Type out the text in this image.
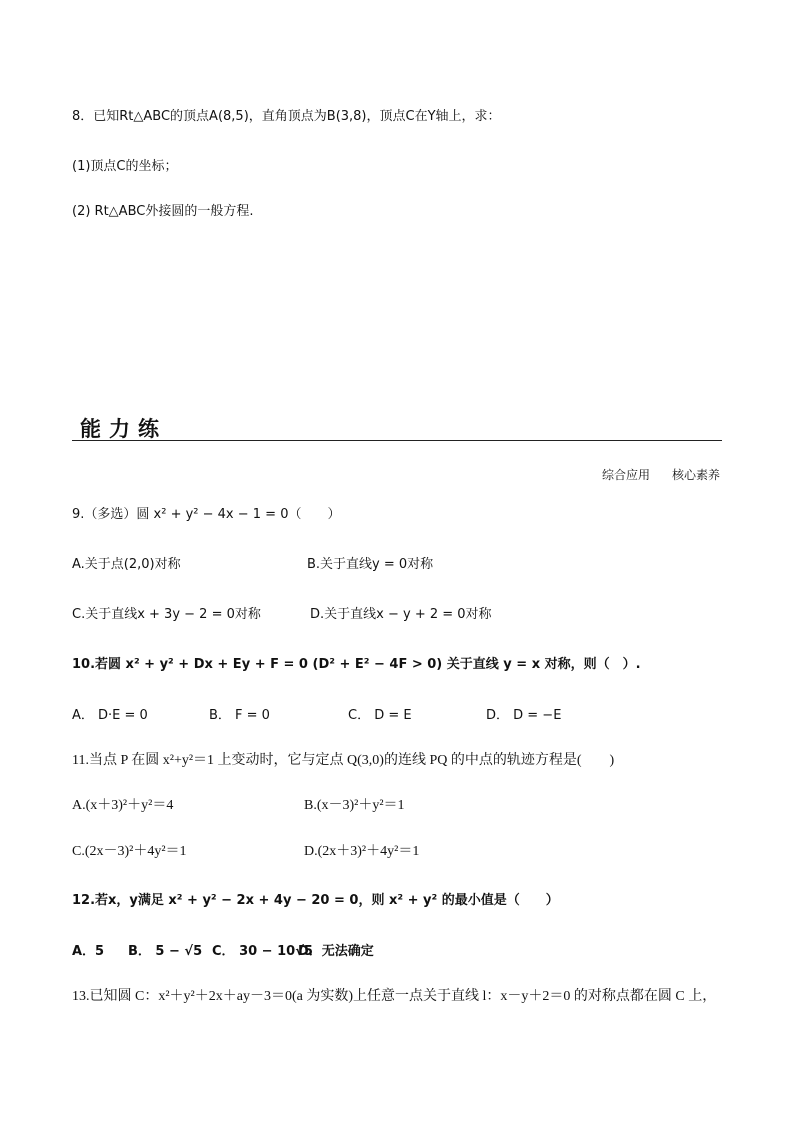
8．已知Rt△ABC的顶点A(8,5)，直角顶点为B(3,8)，顶点C在Y轴上，求：
(1)顶点C的坐标；
(2) Rt△ABC外接圆的一般方程.
能力练
综合应用 核心素养
9.（多选）圆 x² + y² − 4x − 1 = 0（　　）
A.关于点(2,0)对称	B.关于直线y = 0对称
C.关于直线x + 3y − 2 = 0对称	D.关于直线x − y + 2 = 0对称
10.若圆 x² + y² + Dx + Ey + F = 0 (D² + E² − 4F > 0) 关于直线 y = x 对称，则（　）.
A． D·E = 0	B． F = 0	C． D = E	D． D = −E
11.当点 P 在圆 x²+y²＝1 上变动时，它与定点 Q(3,0)的连线 PQ 的中点的轨迹方程是(　　)
A.(x＋3)²＋y²＝4	B.(x－3)²＋y²＝1
C.(2x－3)²＋4y²＝1	D.(2x＋3)²＋4y²＝1
12.若x，y满足 x² + y² − 2x + 4y − 20 = 0，则 x² + y² 的最小值是（　　）
A．5 B． 5 − √5 C． 30 − 10√5D．无法确定
13.已知圆 C：x²＋y²＋2x＋ay－3＝0(a 为实数)上任意一点关于直线 l：x－y＋2＝0 的对称点都在圆 C 上，
